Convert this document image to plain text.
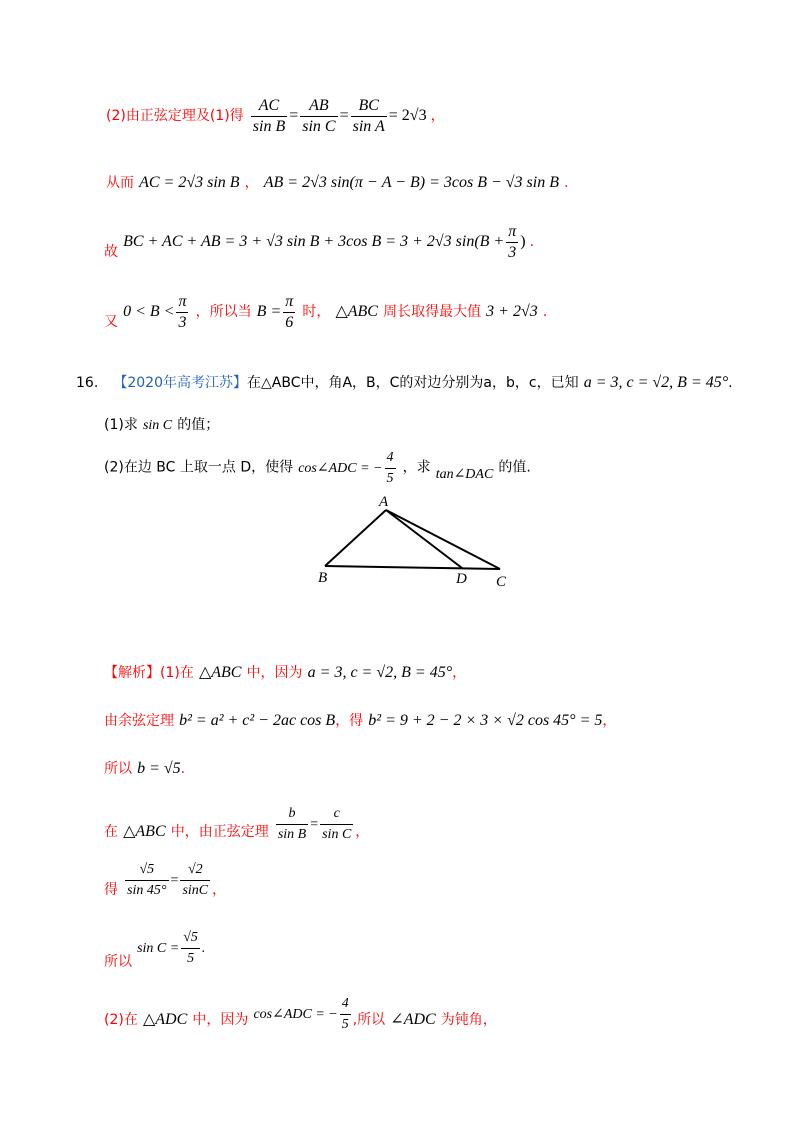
(2)由正弦定理及(1)得 $\frac{AC}{\text{sin B}} = \frac{AB}{\text{sin C}} = \frac{BC}{\text{sin A}} = 2√3$ ，
从而 AC = 2√3 sin B ， AB = 2√3 sin(π − A − B) = 3cos B − √3 sin B .
故 BC + AC + AB = 3 + √3 sin B + 3cos B = 3 + 2√3 $\sin(B + \frac{\pi}{3}$ ) .
又 $0 < B < \frac{\pi}{3}$ ，所以当 $B = \frac{\pi}{6}$ 时， △ABC 周长取得最大值 3 + 2√3 .
16. 【2020年高考江苏】在△ABC中，角A，B，C的对边分别为a，b，c，已知 a = 3, c = √2, B = 45°.
(1)求 sin C 的值；
(2)在边 BC 上取一点 D，使得 cos∠ADC = − $\frac{4}{5}$ ，求 tan∠DAC 的值.
A
B	D C
【解析】(1)在 △ABC 中，因为 a = 3, c = √2, B = 45°，
由余弦定理 b² = a² + c² − 2ac cos B，得 b² = 9 + 2 − 2 × 3 × √2 cos 45° = 5，
所以 b = √5.
在 △ABC 中，由正弦定理 $\frac{b}{\text{sin B}} = \frac{c}{\text{sin C}}$ ，
得 $\frac{√5}{\sin 45^\circ} = \frac{√2}{\sin C}$ ，
所以 $\sin C = \frac{√5}{5}$ .
(2)在 △ADC 中，因为 cos∠ADC = − $\frac{4}{5}$ ,所以 ∠ADC 为钝角，
